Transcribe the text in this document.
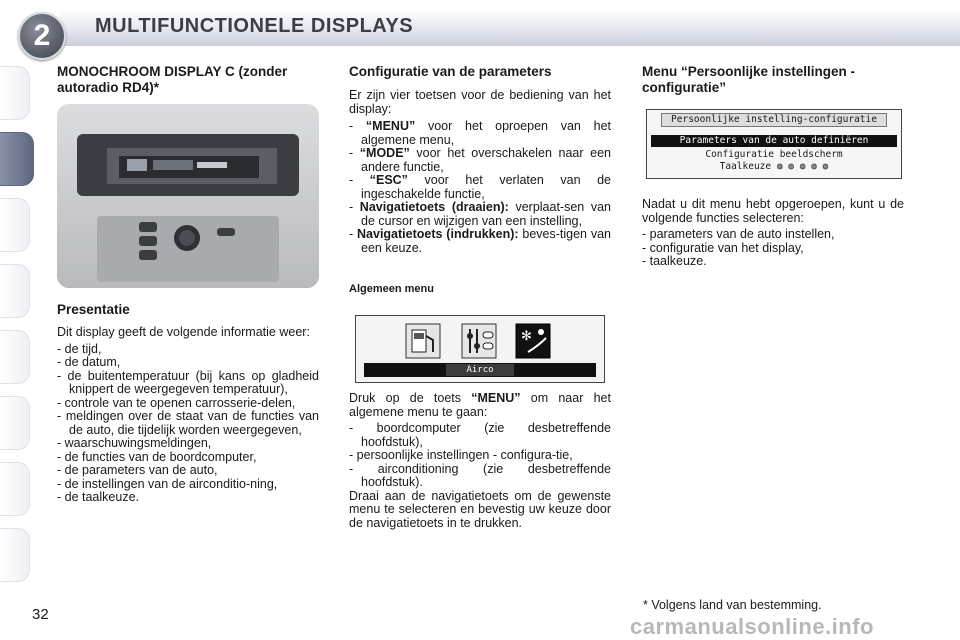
2	MULTIFUNCTIONELE DISPLAYS
MONOCHROOM DISPLAY C (zonder autoradio RD4)*
Presentatie

Dit display geeft de volgende informatie weer:

- de tijd,
- de datum,
- de buitentemperatuur (bij kans op gladheid knippert de weergegeven temperatuur),
- controle van te openen carrosserie-delen,
- meldingen over de staat van de functies van de auto, die tijdelijk worden weergegeven,
- waarschuwingsmeldingen,
- de functies van de boordcomputer,
- de parameters van de auto,
- de instellingen van de airconditio-ning,
- de taalkeuze.
Configuratie van de parameters

Er zijn vier toetsen voor de bediening van het display:

- “MENU” voor het oproepen van het algemene menu,
- “MODE” voor het overschakelen naar een andere functie,
- “ESC” voor het verlaten van de ingeschakelde functie,
- Navigatietoets (draaien): verplaat-sen van de cursor en wijzigen van een instelling,
- Navigatietoets (indrukken): beves-tigen van een keuze.
Algemeen menu
✻
Airco

Druk op de toets “MENU” om naar het algemene menu te gaan:

- boordcomputer (zie desbetreffende hoofdstuk),
- persoonlijke instellingen - configura-tie,
- airconditioning (zie desbetreffende hoofdstuk).

Draai aan de navigatietoets om de gewenste menu te selecteren en bevestig uw keuze door de navigatietoets in te drukken.

Menu “Persoonlijke instellingen - configuratie”
Persoonlijke instelling-configuratie
Parameters van de auto definiëren
Configuratie beeldscherm
Taalkeuze ◍ ◍ ◍ ◍ ◍

Nadat u dit menu hebt opgeroepen, kunt u de volgende functies selecteren:

- parameters van de auto instellen,
- configuratie van het display,
- taalkeuze.
32
* Volgens land van bestemming.
carmanualsonline.info
